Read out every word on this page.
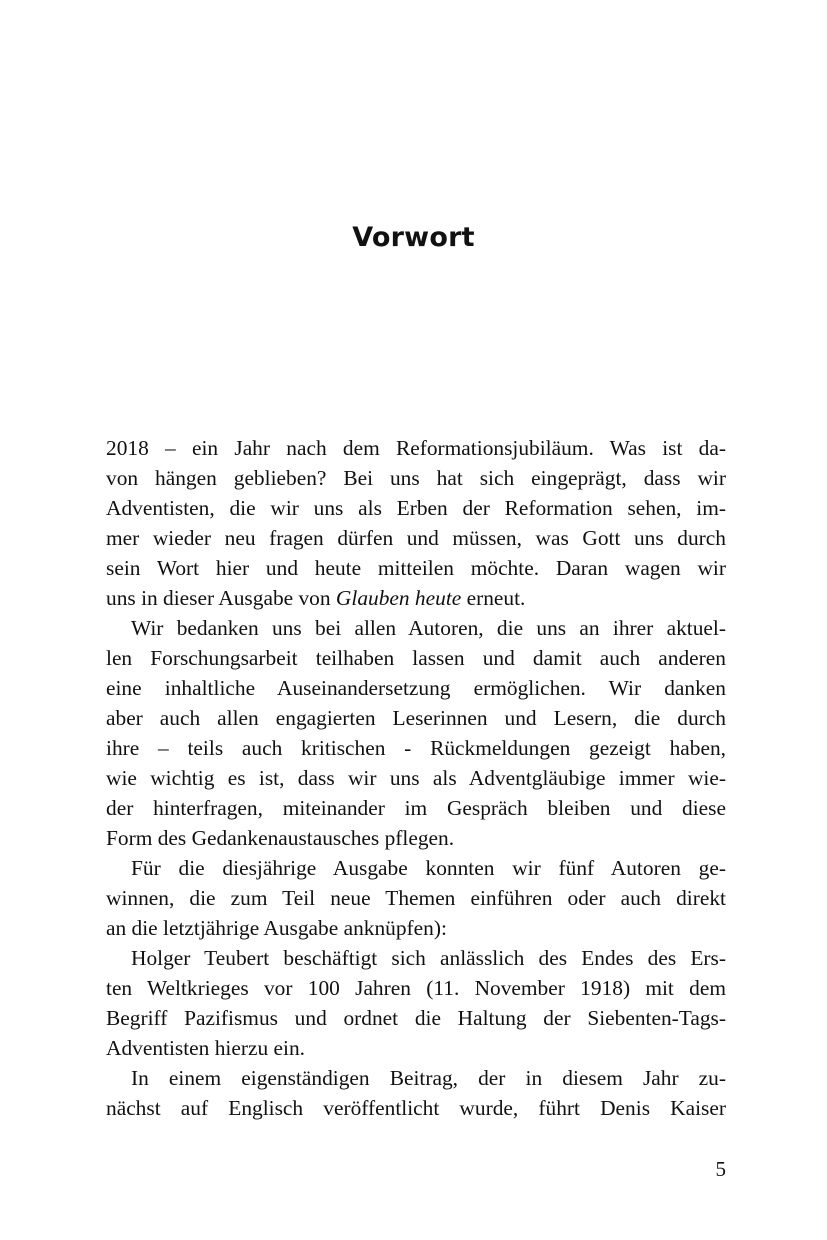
Vorwort
2018 – ein Jahr nach dem Reformationsjubiläum. Was ist da-
von hängen geblieben? Bei uns hat sich eingeprägt, dass wir
Adventisten, die wir uns als Erben der Reformation sehen, im-
mer wieder neu fragen dürfen und müssen, was Gott uns durch
sein Wort hier und heute mitteilen möchte. Daran wagen wir
uns in dieser Ausgabe von Glauben heute erneut.
Wir bedanken uns bei allen Autoren, die uns an ihrer aktuel-
len Forschungsarbeit teilhaben lassen und damit auch anderen
eine inhaltliche Auseinandersetzung ermöglichen. Wir danken
aber auch allen engagierten Leserinnen und Lesern, die durch
ihre – teils auch kritischen - Rückmeldungen gezeigt haben,
wie wichtig es ist, dass wir uns als Adventgläubige immer wie-
der hinterfragen, miteinander im Gespräch bleiben und diese
Form des Gedankenaustausches pflegen.
Für die diesjährige Ausgabe konnten wir fünf Autoren ge-
winnen, die zum Teil neue Themen einführen oder auch direkt
an die letztjährige Ausgabe anknüpfen):
Holger Teubert beschäftigt sich anlässlich des Endes des Ers-
ten Weltkrieges vor 100 Jahren (11. November 1918) mit dem
Begriff Pazifismus und ordnet die Haltung der Siebenten-Tags-
Adventisten hierzu ein.
In einem eigenständigen Beitrag, der in diesem Jahr zu-
nächst auf Englisch veröffentlicht wurde, führt Denis Kaiser
5
